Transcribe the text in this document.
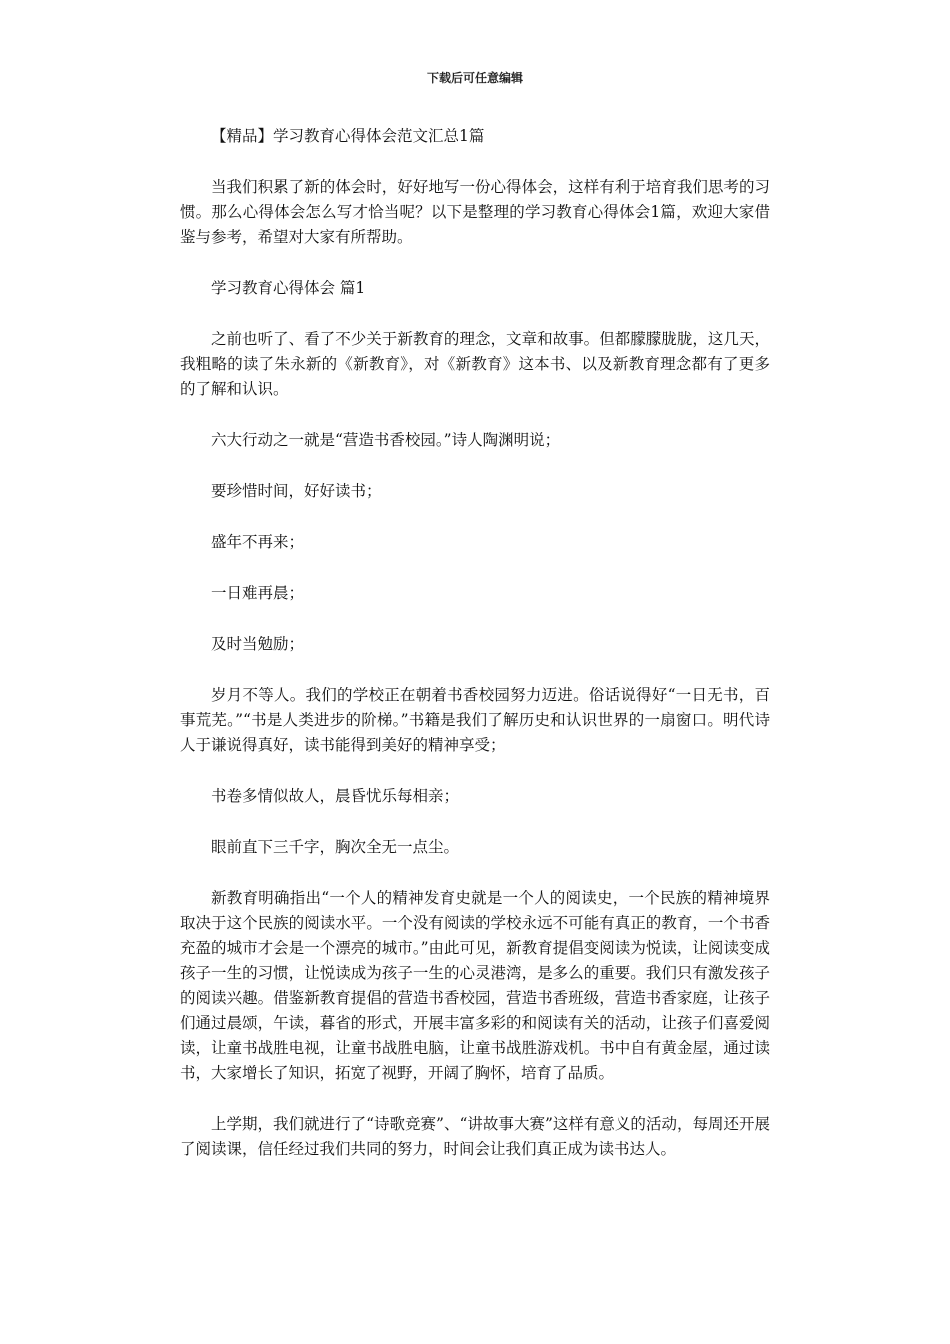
下载后可任意编辑

【精品】学习教育心得体会范文汇总1篇

当我们积累了新的体会时，好好地写一份心得体会，这样有利于培育我们思考的习惯。那么心得体会怎么写才恰当呢？以下是整理的学习教育心得体会1篇，欢迎大家借鉴与参考，希望对大家有所帮助。

学习教育心得体会 篇1

之前也听了、看了不少关于新教育的理念，文章和故事。但都朦朦胧胧，这几天，我粗略的读了朱永新的《新教育》，对《新教育》这本书、以及新教育理念都有了更多的了解和认识。

六大行动之一就是“营造书香校园。”诗人陶渊明说；

要珍惜时间，好好读书；

盛年不再来；

一日难再晨；

及时当勉励；

岁月不等人。我们的学校正在朝着书香校园努力迈进。俗话说得好“一日无书，百事荒芜。”“书是人类进步的阶梯。”书籍是我们了解历史和认识世界的一扇窗口。明代诗人于谦说得真好，读书能得到美好的精神享受；

书卷多情似故人，晨昏忧乐每相亲；

眼前直下三千字，胸次全无一点尘。

新教育明确指出“一个人的精神发育史就是一个人的阅读史，一个民族的精神境界取决于这个民族的阅读水平。一个没有阅读的学校永远不可能有真正的教育，一个书香充盈的城市才会是一个漂亮的城市。”由此可见，新教育提倡变阅读为悦读，让阅读变成孩子一生的习惯，让悦读成为孩子一生的心灵港湾，是多么的重要。我们只有激发孩子的阅读兴趣。借鉴新教育提倡的营造书香校园，营造书香班级，营造书香家庭，让孩子们通过晨颂，午读，暮省的形式，开展丰富多彩的和阅读有关的活动，让孩子们喜爱阅读，让童书战胜电视，让童书战胜电脑，让童书战胜游戏机。书中自有黄金屋，通过读书，大家增长了知识，拓宽了视野，开阔了胸怀，培育了品质。

上学期，我们就进行了“诗歌竞赛”、“讲故事大赛”这样有意义的活动，每周还开展了阅读课，信任经过我们共同的努力，时间会让我们真正成为读书达人。
